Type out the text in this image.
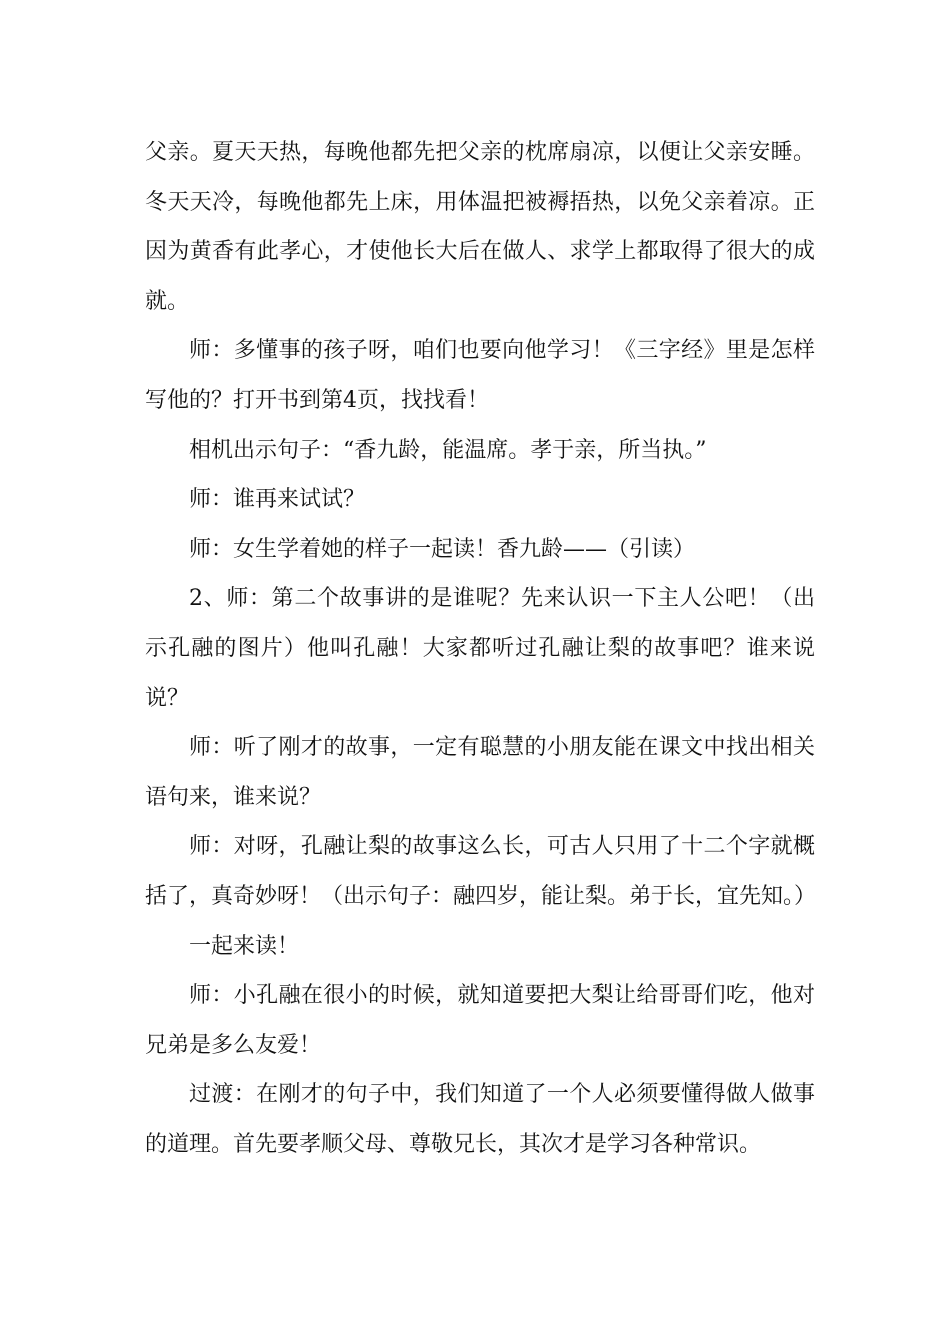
父亲。夏天天热，每晚他都先把父亲的枕席扇凉，以便让父亲安睡。冬天天冷，每晚他都先上床，用体温把被褥捂热，以免父亲着凉。正因为黄香有此孝心，才使他长大后在做人、求学上都取得了很大的成就。

师：多懂事的孩子呀，咱们也要向他学习！《三字经》里是怎样写他的？打开书到第4页，找找看！

相机出示句子：“香九龄，能温席。孝于亲，所当执。”

师：谁再来试试？

师：女生学着她的样子一起读！香九龄——（引读）

2、师：第二个故事讲的是谁呢？先来认识一下主人公吧！（出示孔融的图片）他叫孔融！大家都听过孔融让梨的故事吧？谁来说说？

师：听了刚才的故事，一定有聪慧的小朋友能在课文中找出相关语句来，谁来说？

师：对呀，孔融让梨的故事这么长，可古人只用了十二个字就概括了，真奇妙呀！（出示句子：融四岁，能让梨。弟于长，宜先知。）

一起来读！

师：小孔融在很小的时候，就知道要把大梨让给哥哥们吃，他对兄弟是多么友爱！

过渡：在刚才的句子中，我们知道了一个人必须要懂得做人做事的道理。首先要孝顺父母、尊敬兄长，其次才是学习各种常识。
